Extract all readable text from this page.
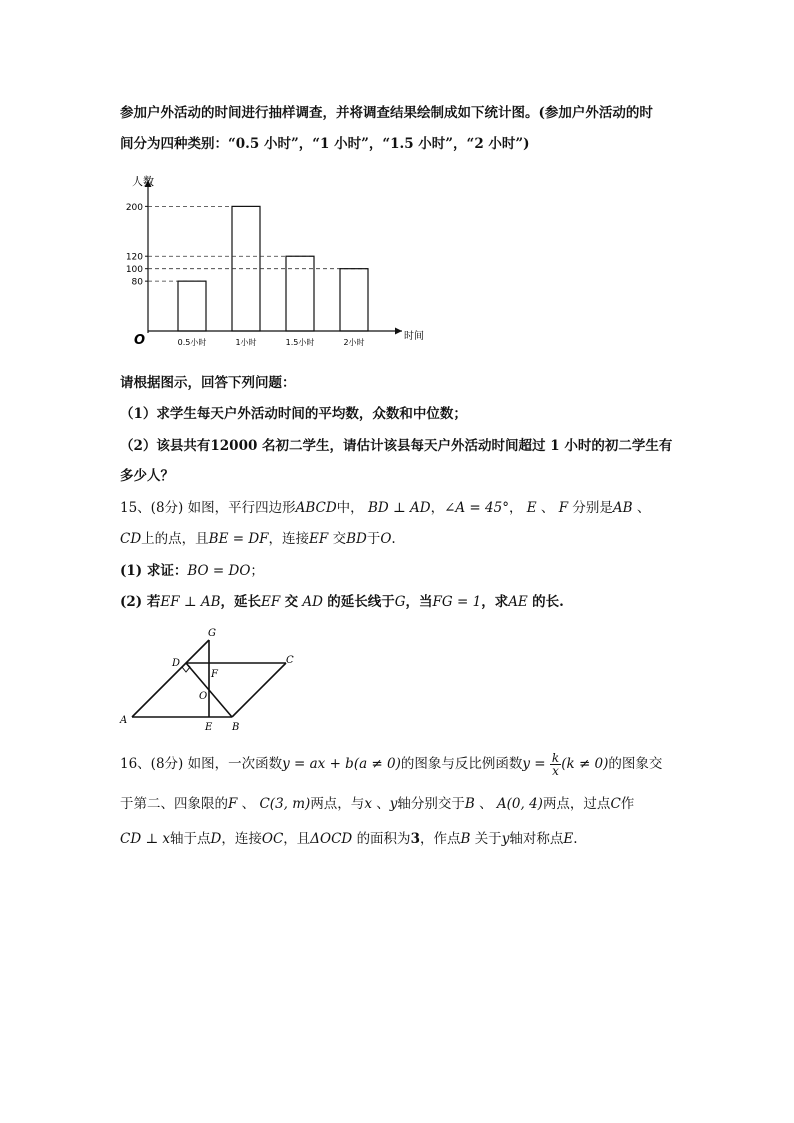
参加户外活动的时间进行抽样调查，并将调查结果绘制成如下统计图。(参加户外活动的时
间分为四种类别：“0.5 小时”，“1 小时”，“1.5 小时”，“2 小时”)
人数
时间
O
80
100
120
200
0.5小时	1小时	1.5小时	2小时
请根据图示，回答下列问题：
（1）求学生每天户外活动时间的平均数，众数和中位数；
（2）该县共有12000 名初二学生，请估计该县每天户外活动时间超过 1 小时的初二学生有
多少人？
15、(8分) 如图，平行四边形ABCD中， BD ⊥ AD，∠A = 45°， E 、 F 分别是AB 、
CD上的点，且BE = DF，连接EF 交BD于O.
(1) 求证：BO = DO；
(2) 若EF ⊥ AB，延长EF 交 AD 的延长线于G，当FG = 1，求AE 的长.
G
D	C
F
O
A
E B
16、(8分) 如图，一次函数y = ax + b(a ≠ 0)的图象与反比例函数$y = \frac{k}{x} (k \ne 0)$的图象交
于第二、四象限的F 、 C(3, m)两点，与x 、y轴分别交于B 、 A(0, 4)两点，过点C作
CD ⊥ x轴于点D，连接OC，且ΔOCD 的面积为3，作点B 关于y轴对称点E.
